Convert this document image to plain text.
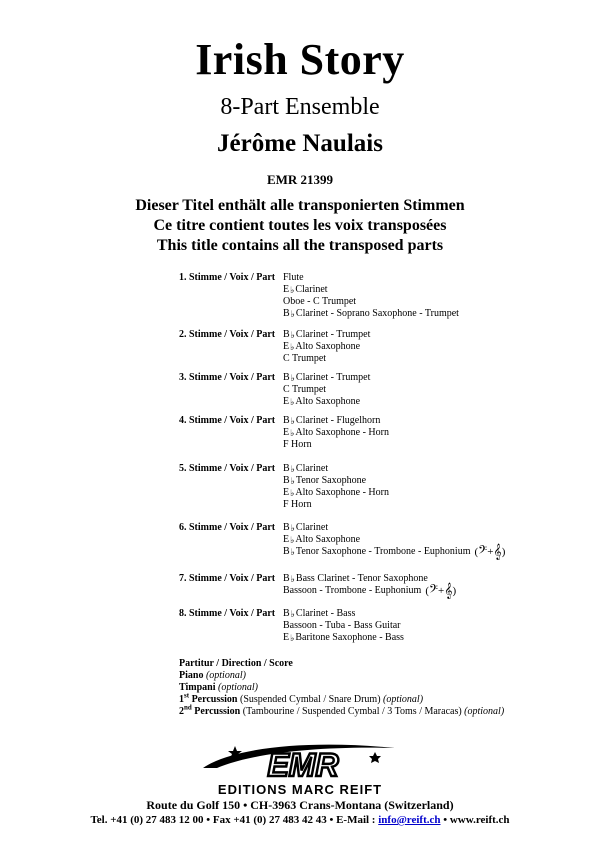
Irish Story
8-Part Ensemble
Jérôme Naulais
EMR 21399
Dieser Titel enthält alle transponierten Stimmen
Ce titre contient toutes les voix transposées
This title contains all the transposed parts
1. Stimme / Voix / Part Flute
E ♭ Clarinet
Oboe - C Trumpet
B ♭ Clarinet - Soprano Saxophone - Trumpet
2. Stimme / Voix / Part B ♭ Clarinet - Trumpet
E ♭ Alto Saxophone
C Trumpet
3. Stimme / Voix / Part B ♭ Clarinet - Trumpet
C Trumpet
E ♭ Alto Saxophone
4. Stimme / Voix / Part B ♭ Clarinet - Flugelhorn
E ♭ Alto Saxophone - Horn
F Horn
5. Stimme / Voix / Part B ♭ Clarinet
B ♭ Tenor Saxophone
E ♭ Alto Saxophone - Horn
F Horn
6. Stimme / Voix / Part B ♭ Clarinet
E ♭ Alto Saxophone
B ♭ Tenor Saxophone - Trombone - Euphonium ( 𝄢 + 𝄞 )
7. Stimme / Voix / Part B ♭ Bass Clarinet - Tenor Saxophone
Bassoon - Trombone - Euphonium ( 𝄢 + 𝄞 )
8. Stimme / Voix / Part B ♭ Clarinet - Bass
Bassoon - Tuba - Bass Guitar
E ♭ Baritone Saxophone - Bass
Partitur / Direction / Score
Piano (optional)
Timpani (optional)
1st Percussion (Suspended Cymbal / Snare Drum) (optional)
2nd Percussion (Tambourine / Suspended Cymbal / 3 Toms / Maracas) (optional)
EMR
EDITIONS MARC REIFT
Route du Golf 150 • CH-3963 Crans-Montana (Switzerland)
Tel. +41 (0) 27 483 12 00 • Fax +41 (0) 27 483 42 43 • E-Mail : info@reift.ch • www.reift.ch
